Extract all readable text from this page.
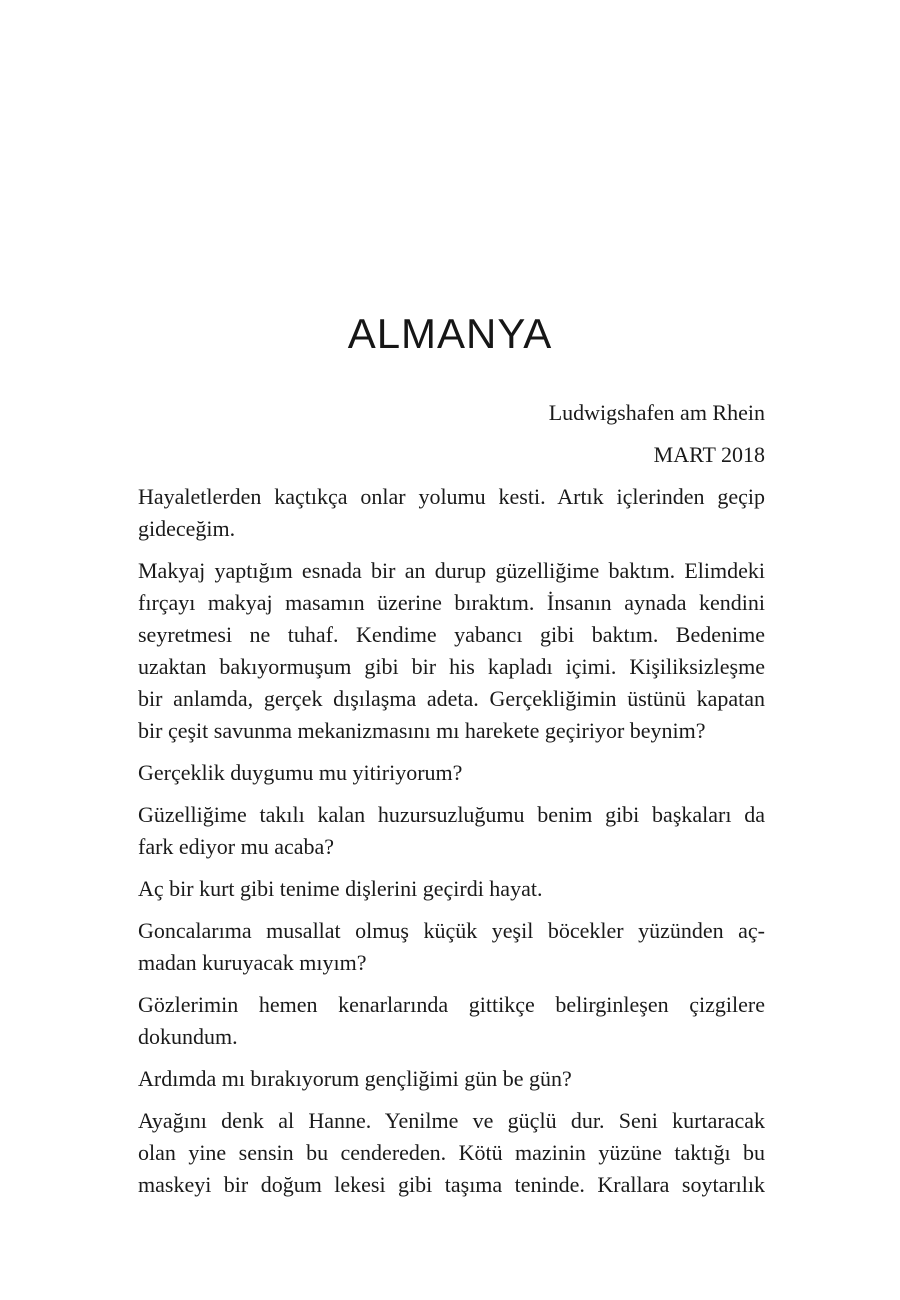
ALMANYA

Ludwigshafen am Rhein

MART 2018

Hayaletlerden kaçtıkça onlar yolumu kesti. Artık içlerinden geçip
gideceğim.

Makyaj yaptığım esnada bir an durup güzelliğime baktım. Elimdeki
fırçayı makyaj masamın üzerine bıraktım. İnsanın aynada kendini
seyretmesi ne tuhaf. Kendime yabancı gibi baktım. Bedenime
uzaktan bakıyormuşum gibi bir his kapladı içimi. Kişiliksizleşme
bir anlamda, gerçek dışılaşma adeta. Gerçekliğimin üstünü kapatan
bir çeşit savunma mekanizmasını mı harekete geçiriyor beynim?

Gerçeklik duygumu mu yitiriyorum?

Güzelliğime takılı kalan huzursuzluğumu benim gibi başkaları da
fark ediyor mu acaba?

Aç bir kurt gibi tenime dişlerini geçirdi hayat.

Goncalarıma musallat olmuş küçük yeşil böcekler yüzünden aç-
madan kuruyacak mıyım?

Gözlerimin hemen kenarlarında gittikçe belirginleşen çizgilere
dokundum.

Ardımda mı bırakıyorum gençliğimi gün be gün?

Ayağını denk al Hanne. Yenilme ve güçlü dur. Seni kurtaracak
olan yine sensin bu cendereden. Kötü mazinin yüzüne taktığı bu
maskeyi bir doğum lekesi gibi taşıma teninde. Krallara soytarılık
